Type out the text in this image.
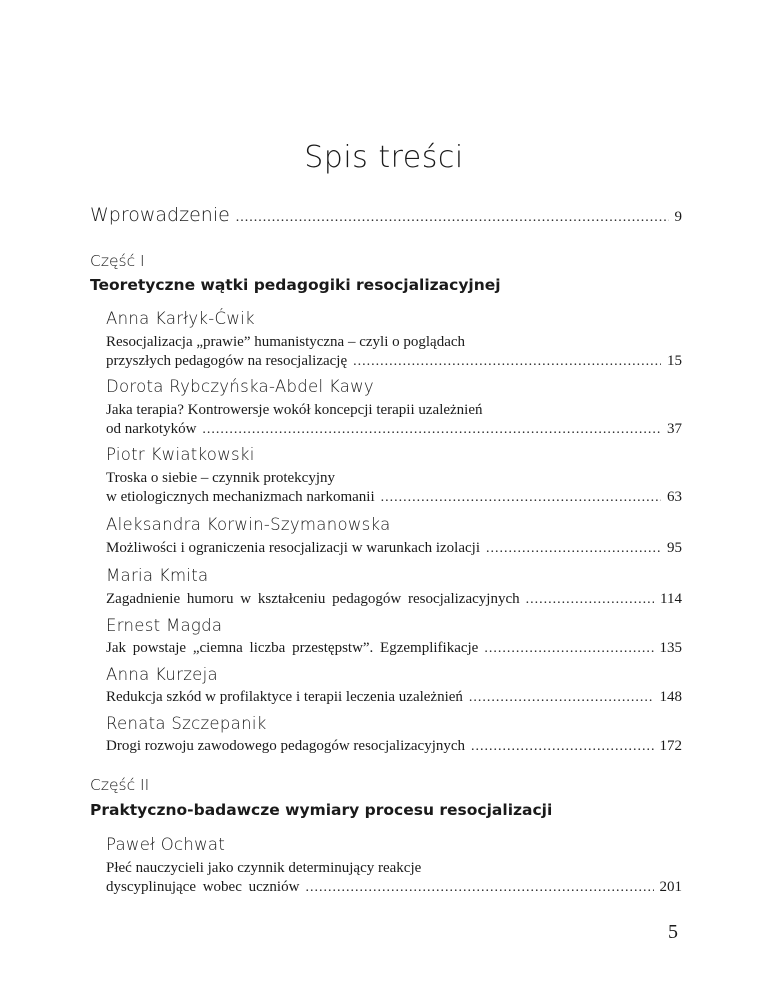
Spis treści
Wprowadzenie .....	9
Część I
Teoretyczne wątki pedagogiki resocjalizacyjnej
Anna Karłyk-Ćwik
Resocjalizacja „prawie” humanistyczna – czyli o poglądach
przyszłych pedagogów na resocjalizację .....	15
Dorota Rybczyńska-Abdel Kawy
Jaka terapia? Kontrowersje wokół koncepcji terapii uzależnień
od narkotyków .....	37
Piotr Kwiatkowski
Troska o siebie – czynnik protekcyjny
w etiologicznych mechanizmach narkomanii .....	63
Aleksandra Korwin-Szymanowska
Możliwości i ograniczenia resocjalizacji w warunkach izolacji .....	95
Maria Kmita
Zagadnienie humoru w kształceniu pedagogów resocjalizacyjnych .....	114
Ernest Magda
Jak powstaje „ciemna liczba przestępstw”. Egzemplifikacje .....	135
Anna Kurzeja
Redukcja szkód w profilaktyce i terapii leczenia uzależnień .....	148
Renata Szczepanik
Drogi rozwoju zawodowego pedagogów resocjalizacyjnych .....	172
Część II
Praktyczno-badawcze wymiary procesu resocjalizacji
Paweł Ochwat
Płeć nauczycieli jako czynnik determinujący reakcje
dyscyplinujące wobec uczniów .....	201
5
